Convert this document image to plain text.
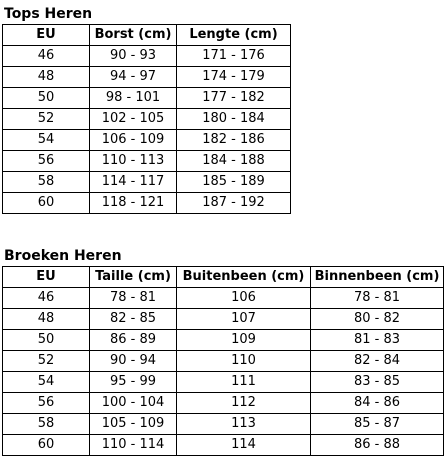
Tops Heren
EU	Borst (cm)	Lengte (cm)
46	90 - 93	171 - 176
48	94 - 97	174 - 179
50	98 - 101	177 - 182
52	102 - 105	180 - 184
54	106 - 109	182 - 186
56	110 - 113	184 - 188
58	114 - 117	185 - 189
60	118 - 121	187 - 192
Broeken Heren
EU	Taille (cm)	Buitenbeen (cm)	Binnenbeen (cm)
46	78 - 81	106	78 - 81
48	82 - 85	107	80 - 82
50	86 - 89	109	81 - 83
52	90 - 94	110	82 - 84
54	95 - 99	111	83 - 85
56	100 - 104	112	84 - 86
58	105 - 109	113	85 - 87
60	110 - 114	114	86 - 88
